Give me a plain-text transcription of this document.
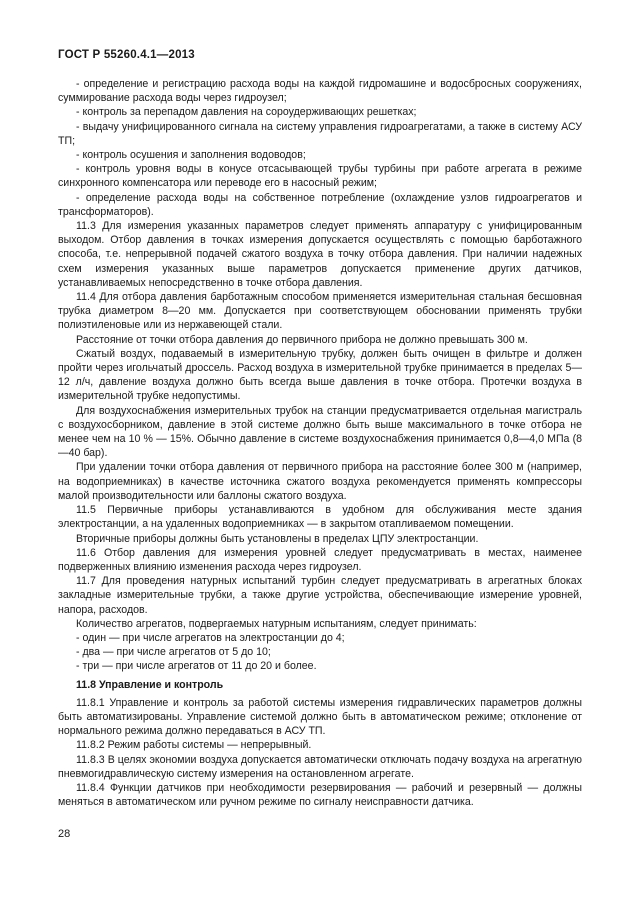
ГОСТ Р 55260.4.1—2013

- определение и регистрацию расхода воды на каждой гидромашине и водосбросных сооружениях, суммирование расхода воды через гидроузел;

- контроль за перепадом давления на сороудерживающих решетках;

- выдачу унифицированного сигнала на систему управления гидроагрегатами, а также в систему АСУ ТП;

- контроль осушения и заполнения водоводов;

- контроль уровня воды в конусе отсасывающей трубы турбины при работе агрегата в режиме синхронного компенсатора или переводе его в насосный режим;

- определение расхода воды на собственное потребление (охлаждение узлов гидроагрегатов и трансформаторов).

11.3 Для измерения указанных параметров следует применять аппаратуру с унифицированным выходом. Отбор давления в точках измерения допускается осуществлять с помощью барботажного способа, т.е. непрерывной подачей сжатого воздуха в точку отбора давления. При наличии надежных схем измерения указанных выше параметров допускается применение других датчиков, устанавливаемых непосредственно в точке отбора давления.

11.4 Для отбора давления барботажным способом применяется измерительная стальная бесшовная трубка диаметром 8—20 мм. Допускается при соответствующем обосновании применять трубки полиэтиленовые или из нержавеющей стали.

Расстояние от точки отбора давления до первичного прибора не должно превышать 300 м.

Сжатый воздух, подаваемый в измерительную трубку, должен быть очищен в фильтре и должен пройти через игольчатый дроссель. Расход воздуха в измерительной трубке принимается в пределах 5—12 л/ч, давление воздуха должно быть всегда выше давления в точке отбора. Протечки воздуха в измерительной трубке недопустимы.

Для воздухоснабжения измерительных трубок на станции предусматривается отдельная магистраль с воздухосборником, давление в этой системе должно быть выше максимального в точке отбора не менее чем на 10 % — 15%. Обычно давление в системе воздухоснабжения принимается 0,8—4,0 МПа (8—40 бар).

При удалении точки отбора давления от первичного прибора на расстояние более 300 м (например, на водоприемниках) в качестве источника сжатого воздуха рекомендуется применять компрессоры малой производительности или баллоны сжатого воздуха.

11.5 Первичные приборы устанавливаются в удобном для обслуживания месте здания электростанции, а на удаленных водоприемниках — в закрытом отапливаемом помещении.

Вторичные приборы должны быть установлены в пределах ЦПУ электростанции.

11.6 Отбор давления для измерения уровней следует предусматривать в местах, наименее подверженных влиянию изменения расхода через гидроузел.

11.7 Для проведения натурных испытаний турбин следует предусматривать в агрегатных блоках закладные измерительные трубки, а также другие устройства, обеспечивающие измерение уровней, напора, расходов.

Количество агрегатов, подвергаемых натурным испытаниям, следует принимать:

- один — при числе агрегатов на электростанции до 4;

- два — при числе агрегатов от 5 до 10;

- три — при числе агрегатов от 11 до 20 и более.

11.8 Управление и контроль

11.8.1 Управление и контроль за работой системы измерения гидравлических параметров должны быть автоматизированы. Управление системой должно быть в автоматическом режиме; отклонение от нормального режима должно передаваться в АСУ ТП.

11.8.2 Режим работы системы — непрерывный.

11.8.3 В целях экономии воздуха допускается автоматически отключать подачу воздуха на агрегатную пневмогидравлическую систему измерения на остановленном агрегате.

11.8.4 Функции датчиков при необходимости резервирования — рабочий и резервный — должны меняться в автоматическом или ручном режиме по сигналу неисправности датчика.

28
